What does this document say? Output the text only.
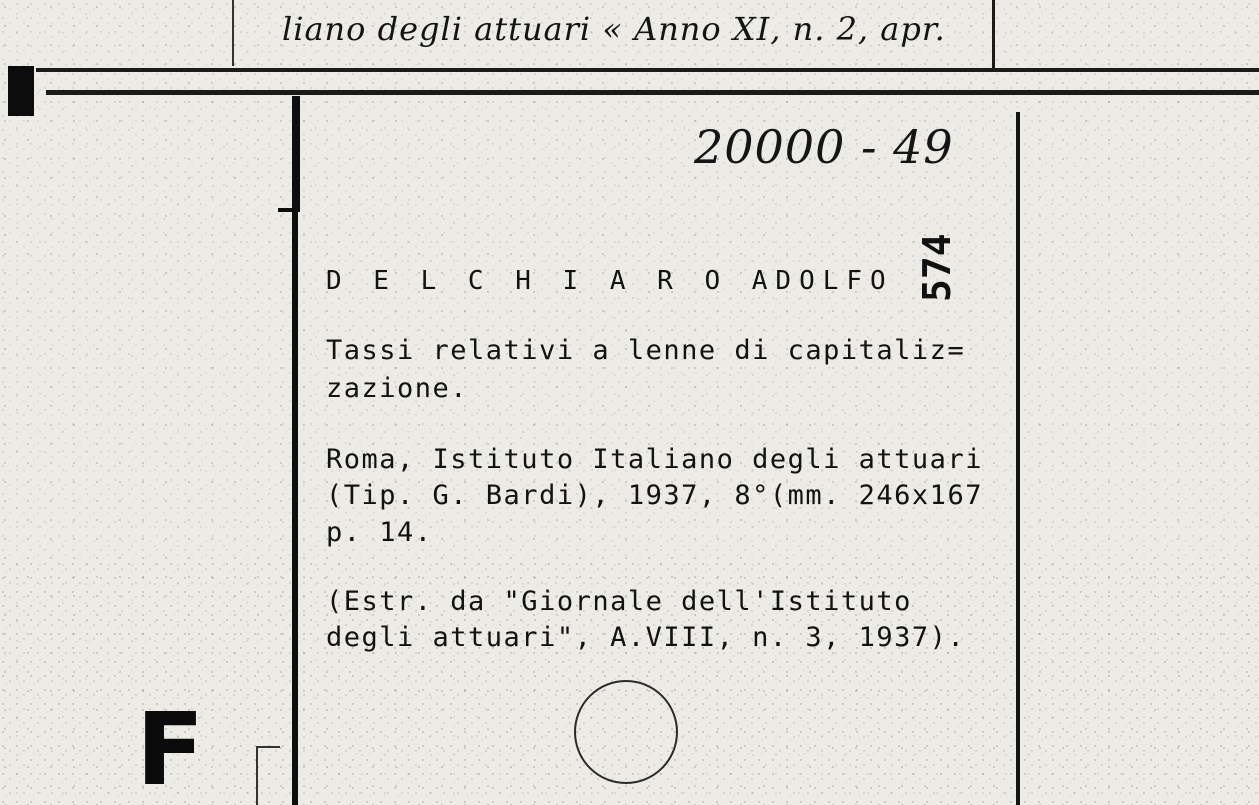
liano degli attuari « Anno XI, n. 2, apr.
20000 - 49
574
D E L C H I A R O ADOLFO
Tassi relativi a lenne di capitaliz=
zazione.
Roma, Istituto Italiano degli attuari
(Tip. G. Bardi), 1937, 8°(mm. 246x167
p. 14.
(Estr. da "Giornale dell'Istituto
degli attuari", A.VIII, n. 3, 1937).
F
